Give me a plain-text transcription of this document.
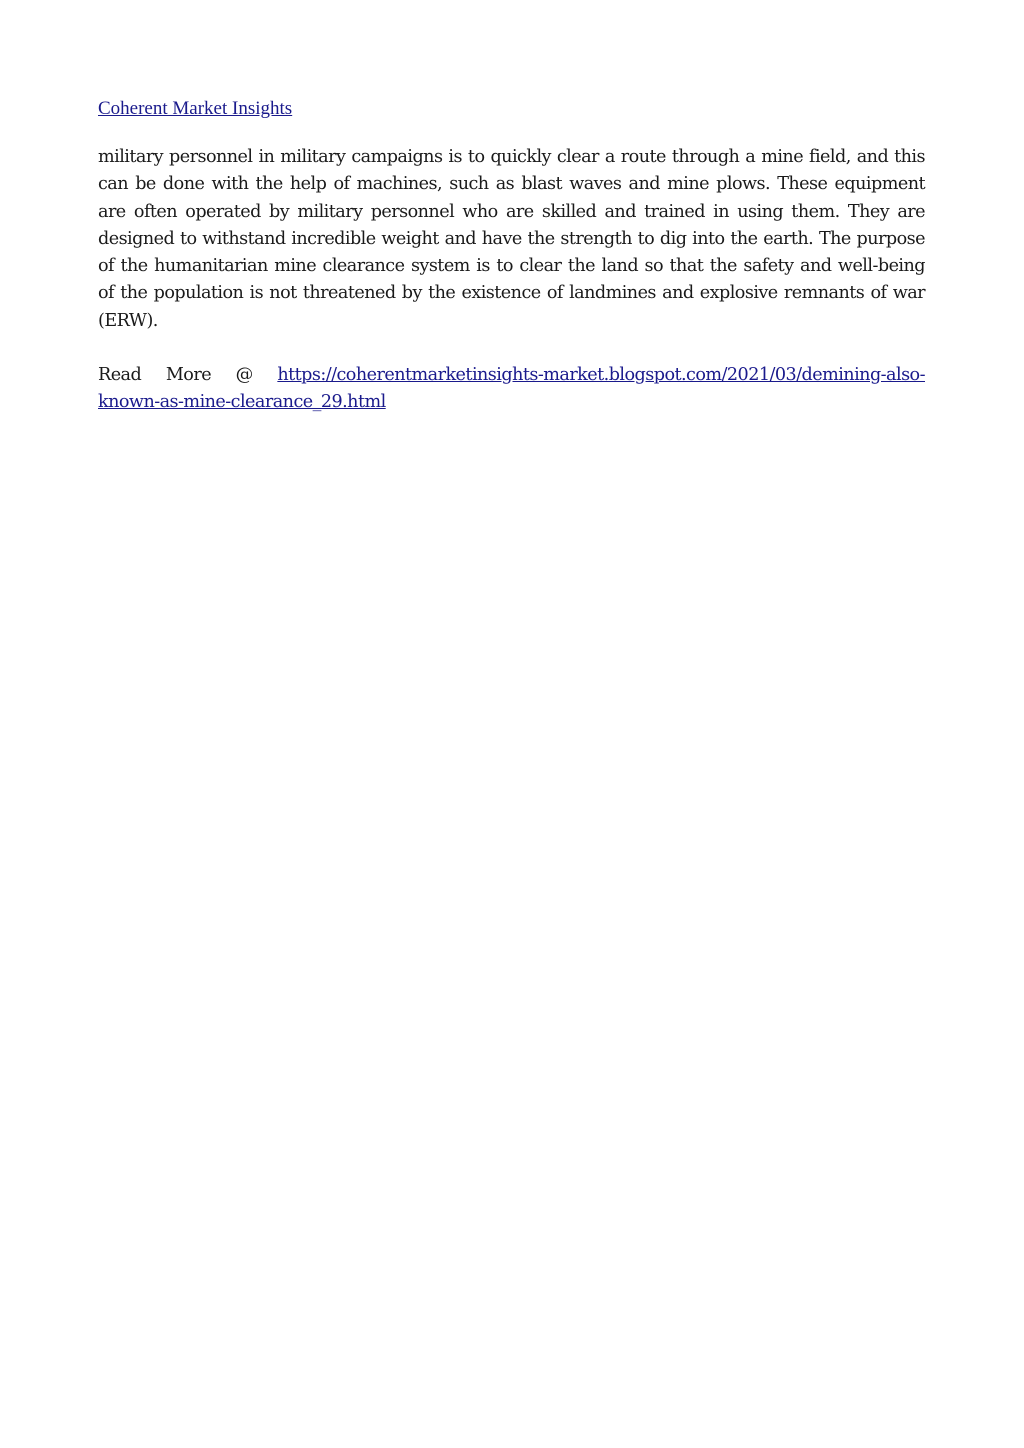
Coherent Market Insights

military personnel in military campaigns is to quickly clear a route through a mine field, and this can be done with the help of machines, such as blast waves and mine plows. These equipment are often operated by military personnel who are skilled and trained in using them. They are designed to withstand incredible weight and have the strength to dig into the earth. The purpose of the humanitarian mine clearance system is to clear the land so that the safety and well-being of the population is not threatened by the existence of landmines and explosive remnants of war (ERW).

Read More @ https://coherentmarketinsights-market.blogspot.com/2021/03/demining-also-known-as-mine-clearance_29.html
